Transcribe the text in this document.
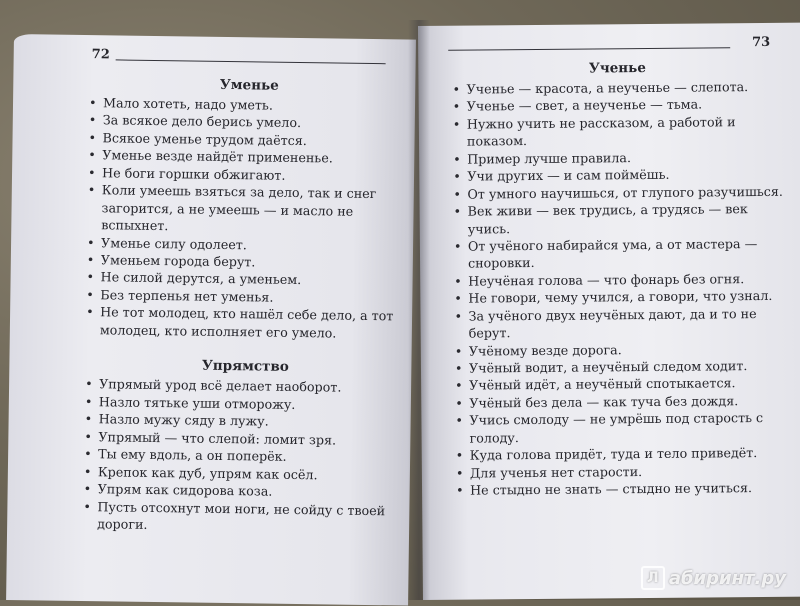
72
Уменье
• Мало хотеть, надо уметь.
• За всякое дело берись умело.
• Всякое уменье трудом даётся.
• Уменье везде найдёт примененье.
• Не боги горшки обжигают.
• Коли умеешь взяться за дело, так и снег загорится, а не умеешь — и масло не вспыхнет.
• Уменье силу одолеет.
• Уменьем города берут.
• Не силой дерутся, а уменьем.
• Без терпенья нет уменья.
• Не тот молодец, кто нашёл себе дело, а тот молодец, кто исполняет его умело.
Упрямство
• Упрямый урод всё делает наоборот.
• Назло тятьке уши отморожу.
• Назло мужу сяду в лужу.
• Упрямый — что слепой: ломит зря.
• Ты ему вдоль, а он поперёк.
• Крепок как дуб, упрям как осёл.
• Упрям как сидорова коза.
• Пусть отсохнут мои ноги, не сойду с твоей дороги.
73
Ученье
• Ученье — красота, а неученье — слепота.
• Ученье — свет, а неученье — тьма.
• Нужно учить не рассказом, а работой и показом.
• Пример лучше правила.
• Учи других — и сам поймёшь.
• От умного научишься, от глупого разучишься.
• Век живи — век трудись, а трудясь — век учись.
• От учёного набирайся ума, а от мастера — сноровки.
• Неучёная голова — что фонарь без огня.
• Не говори, чему учился, а говори, что узнал.
• За учёного двух неучёных дают, да и то не берут.
• Учёному везде дорога.
• Учёный водит, а неучёный следом ходит.
• Учёный идёт, а неучёный спотыкается.
• Учёный без дела — как туча без дождя.
• Учись смолоду — не умрёшь под старость с голоду.
• Куда голова придёт, туда и тело приведёт.
• Для ученья нет старости.
• Не стыдно не знать — стыдно не учиться.
Л абиринт.ру
